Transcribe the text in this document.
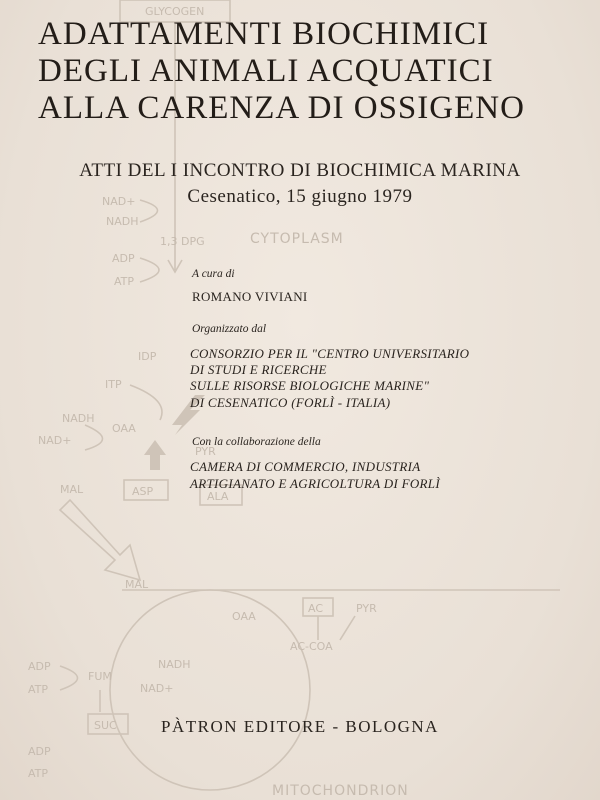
GLYCOGEN
NAD+
NADH
1,3 DPG	CYTOPLASM
ADP
ATP
IDP
ITP
NADH
NAD+
OAA
MAL	ASP
PYR
ALA
MAL
OAA
AC	PYR
AC-COA
FUM
NADH
NAD+
ADP
ATP
SUC
ADP
ATP
MITOCHONDRION
ADATTAMENTI BIOCHIMICI
DEGLI ANIMALI ACQUATICI
ALLA CARENZA DI OSSIGENO
ATTI DEL I INCONTRO DI BIOCHIMICA MARINA
Cesenatico, 15 giugno 1979
A cura di
ROMANO VIVIANI
Organizzato dal
CONSORZIO PER IL "CENTRO UNIVERSITARIO
DI STUDI E RICERCHE
SULLE RISORSE BIOLOGICHE MARINE"
DI CESENATICO (FORLÌ - ITALIA)
Con la collaborazione della
CAMERA DI COMMERCIO, INDUSTRIA
ARTIGIANATO E AGRICOLTURA DI FORLÌ
PÀTRON EDITORE - BOLOGNA
